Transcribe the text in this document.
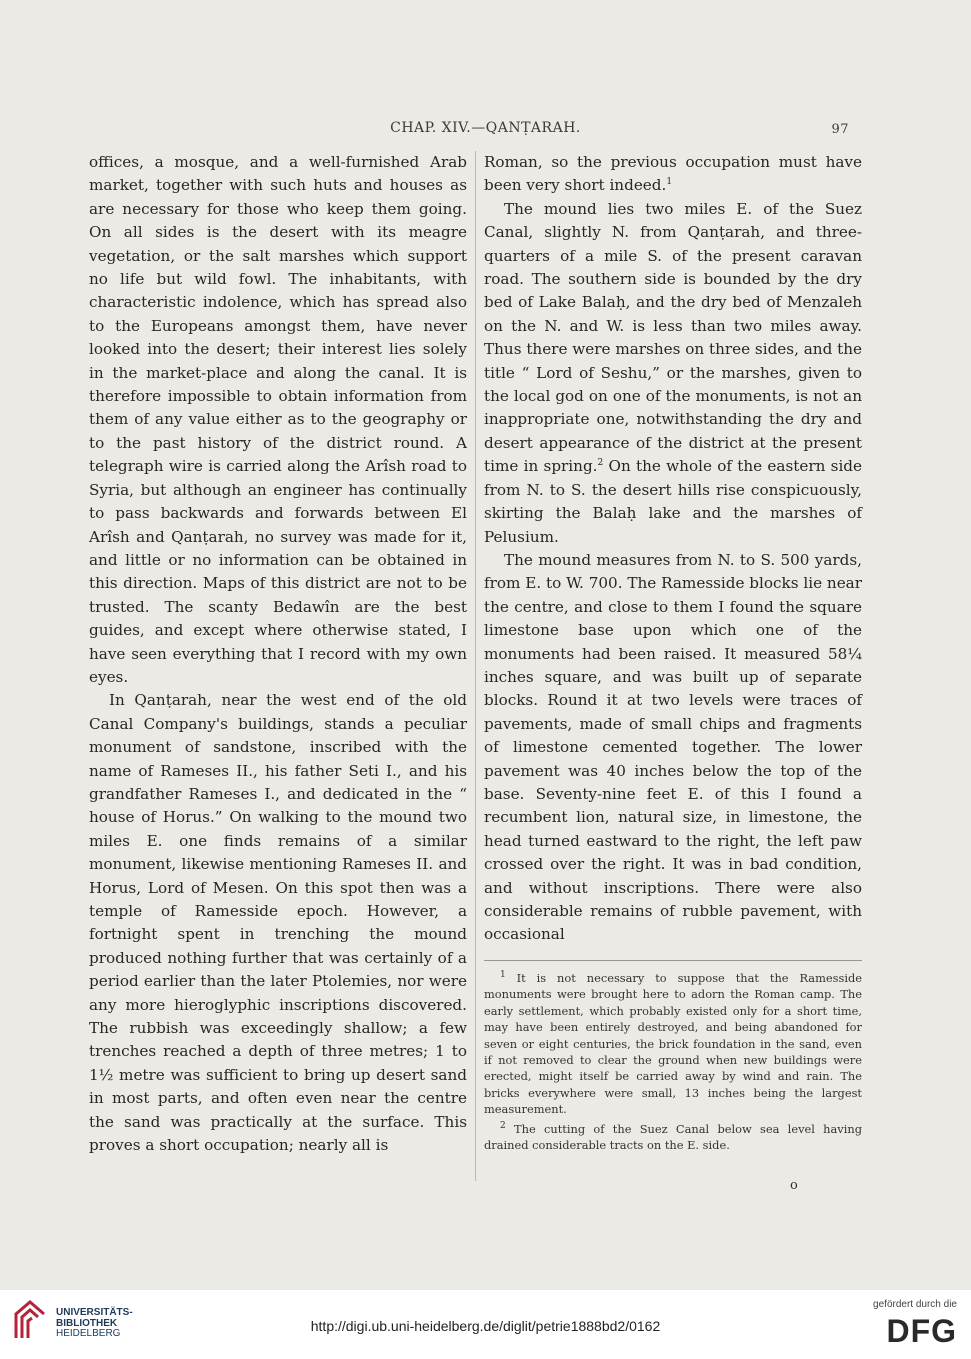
CHAP. XIV.—QANṬARAH.	97

offices, a mosque, and a well-furnished Arab market, together with such huts and houses as are necessary for those who keep them going. On all sides is the desert with its meagre vegetation, or the salt marshes which support no life but wild fowl. The inhabitants, with characteristic indolence, which has spread also to the Europeans amongst them, have never looked into the desert; their interest lies solely in the market-place and along the canal. It is therefore impossible to obtain information from them of any value either as to the geography or to the past history of the district round. A telegraph wire is carried along the Arîsh road to Syria, but although an engineer has continually to pass backwards and forwards between El Arîsh and Qanṭarah, no survey was made for it, and little or no information can be obtained in this direction. Maps of this district are not to be trusted. The scanty Bedawîn are the best guides, and except where otherwise stated, I have seen everything that I record with my own eyes.

In Qanṭarah, near the west end of the old Canal Company's buildings, stands a peculiar monument of sandstone, inscribed with the name of Rameses II., his father Seti I., and his grandfather Rameses I., and dedicated in the “ house of Horus.” On walking to the mound two miles E. one finds remains of a similar monument, likewise mentioning Rameses II. and Horus, Lord of Mesen. On this spot then was a temple of Ramesside epoch. However, a fortnight spent in trenching the mound produced nothing further that was certainly of a period earlier than the later Ptolemies, nor were any more hieroglyphic inscriptions discovered. The rubbish was exceedingly shallow; a few trenches reached a depth of three metres; 1 to 1½ metre was sufficient to bring up desert sand in most parts, and often even near the centre the sand was practically at the surface. This proves a short occupation; nearly all is

Roman, so the previous occupation must have been very short indeed.$^1$

The mound lies two miles E. of the Suez Canal, slightly N. from Qanṭarah, and three-quarters of a mile S. of the present caravan road. The southern side is bounded by the dry bed of Lake Balaḥ, and the dry bed of Menzaleh on the N. and W. is less than two miles away. Thus there were marshes on three sides, and the title “ Lord of Seshu,” or the marshes, given to the local god on one of the monuments, is not an inappropriate one, notwithstanding the dry and desert appearance of the district at the present time in spring.$^2$ On the whole of the eastern side from N. to S. the desert hills rise conspicuously, skirting the Balaḥ lake and the marshes of Pelusium.

The mound measures from N. to S. 500 yards, from E. to W. 700. The Ramesside blocks lie near the centre, and close to them I found the square limestone base upon which one of the monuments had been raised. It measured 58¼ inches square, and was built up of separate blocks. Round it at two levels were traces of pavements, made of small chips and fragments of limestone cemented together. The lower pavement was 40 inches below the top of the base. Seventy-nine feet E. of this I found a recumbent lion, natural size, in limestone, the head turned eastward to the right, the left paw crossed over the right. It was in bad condition, and without inscriptions. There were also considerable remains of rubble pavement, with occasional

$^1$ It is not necessary to suppose that the Ramesside monuments were brought here to adorn the Roman camp. The early settlement, which probably existed only for a short time, may have been entirely destroyed, and being abandoned for seven or eight centuries, the brick foundation in the sand, even if not removed to clear the ground when new buildings were erected, might itself be carried away by wind and rain. The bricks everywhere were small, 13 inches being the largest measurement.

$^2$ The cutting of the Suez Canal below sea level having drained considerable tracts on the E. side.

o
UNIVERSITÄTS-
BIBLIOTHEK
HEIDELBERG	http://digi.ub.uni-heidelberg.de/diglit/petrie1888bd2/0162
gefördert durch die
DFG
